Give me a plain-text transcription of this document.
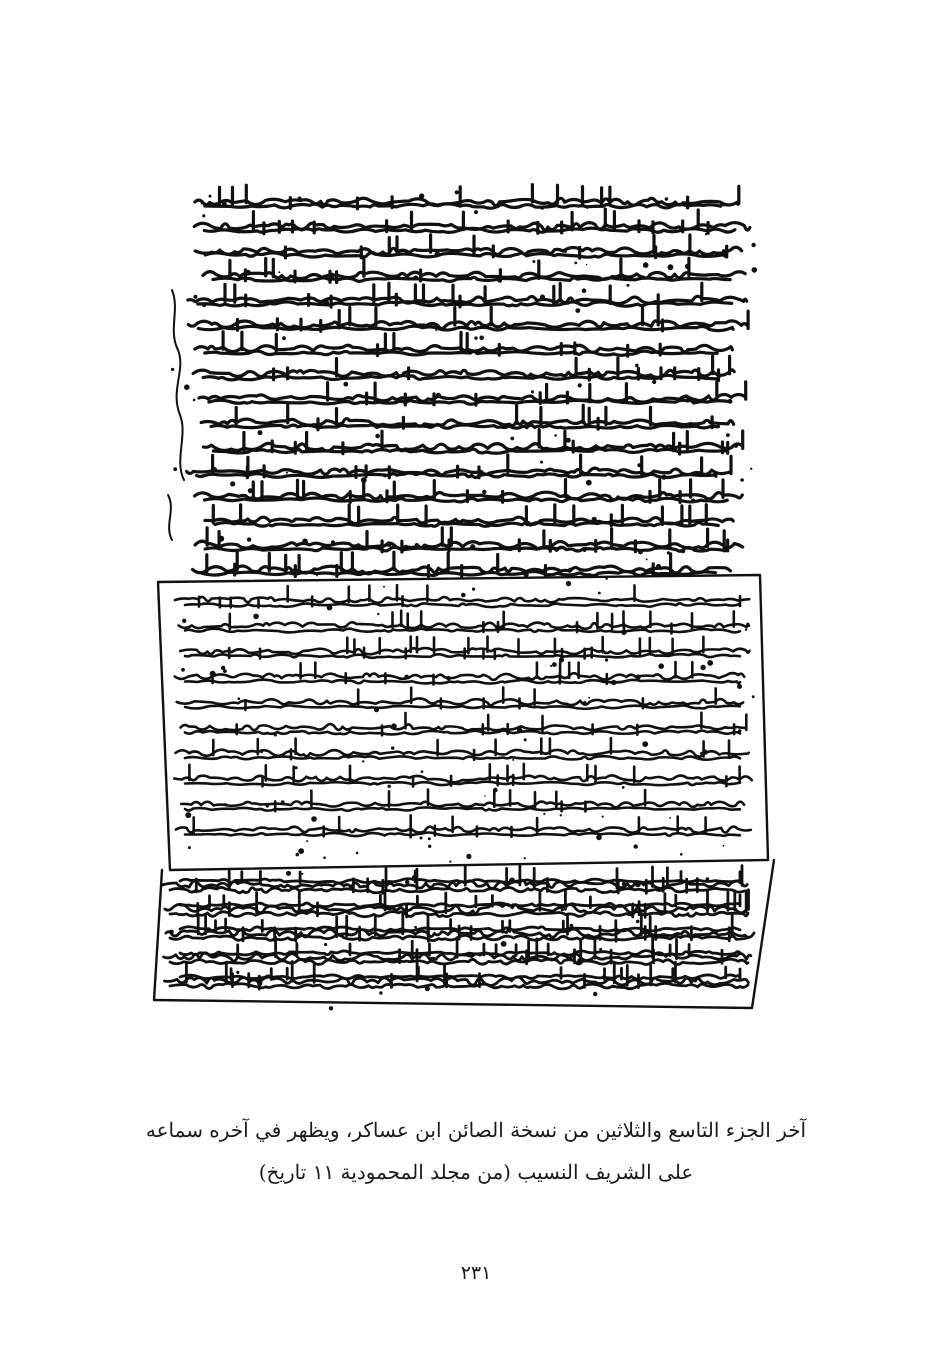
آخر الجزء التاسع والثلاثين من نسخة الصائن ابن عساكر، ويظهر في آخره سماعه
على الشريف النسيب (من مجلد المحمودية ١١ تاريخ)
٢٣١
